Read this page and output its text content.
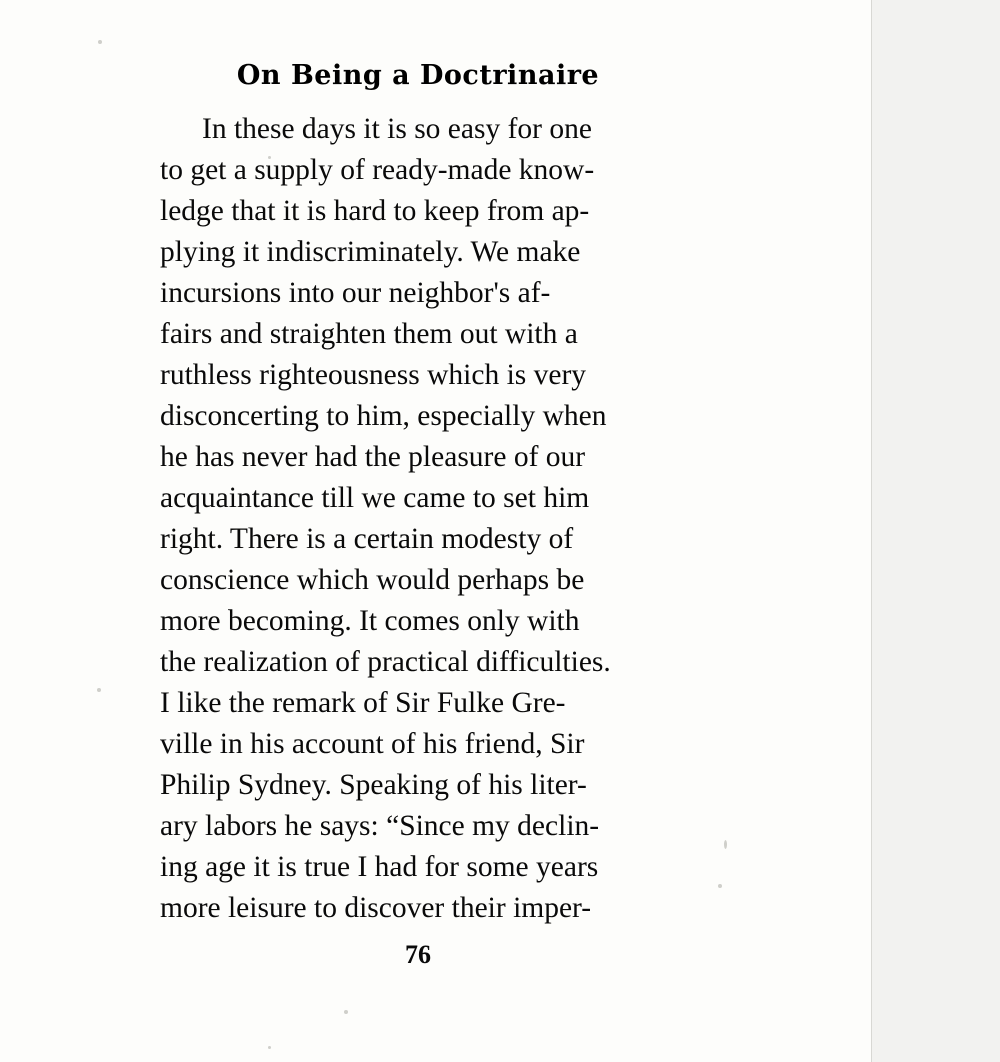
On Being a Doctrinaire
In these days it is so easy for one
to get a supply of ready-made know-
ledge that it is hard to keep from ap-
plying it indiscriminately. We make
incursions into our neighbor's af-
fairs and straighten them out with a
ruthless righteousness which is very
disconcerting to him, especially when
he has never had the pleasure of our
acquaintance till we came to set him
right. There is a certain modesty of
conscience which would perhaps be
more becoming. It comes only with
the realization of practical difficulties.
I like the remark of Sir Fulke Gre-
ville in his account of his friend, Sir
Philip Sydney. Speaking of his liter-
ary labors he says: “Since my declin-
ing age it is true I had for some years
more leisure to discover their imper-
76
